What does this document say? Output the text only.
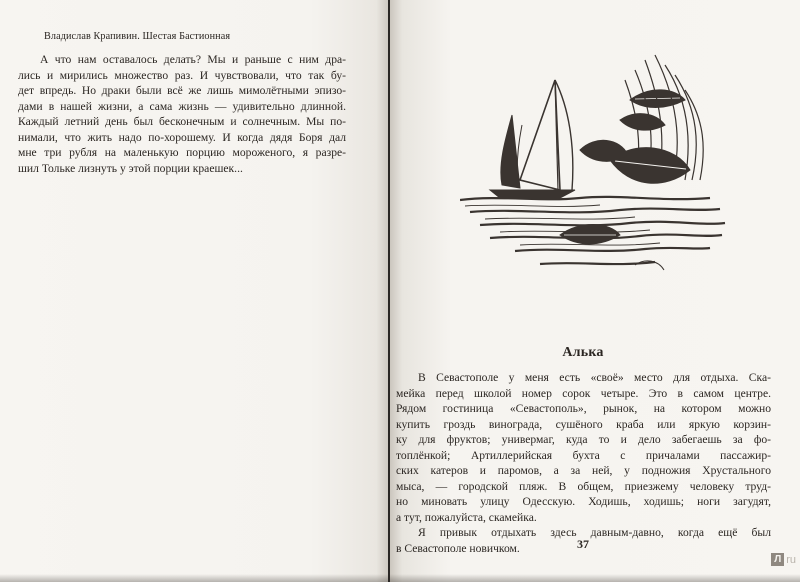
Владислав Крапивин. Шестая Бастионная
А что нам оставалось делать? Мы и раньше с ним дра-
лись и мирились множество раз. И чувствовали, что так бу-
дет впредь. Но драки были всё же лишь мимолётными эпизо-
дами в нашей жизни, а сама жизнь — удивительно длинной.
Каждый летний день был бесконечным и солнечным. Мы по-
нимали, что жить надо по-хорошему. И когда дядя Боря дал
мне три рубля на маленькую порцию мороженого, я разре-
шил Тольке лизнуть у этой порции краешек...
Алька
В Севастополе у меня есть «своё» место для отдыха. Ска-
мейка перед школой номер сорок четыре. Это в самом центре.
Рядом гостиница «Севастополь», рынок, на котором можно
купить гроздь винограда, сушёного краба или яркую корзин-
ку для фруктов; универмаг, куда то и дело забегаешь за фо-
топлёнкой; Артиллерийская бухта с причалами пассажир-
ских катеров и паромов, а за ней, у подножия Хрустального
мыса, — городской пляж. В общем, приезжему человеку труд-
но миновать улицу Одесскую. Ходишь, ходишь; ноги загудят,
а тут, пожалуйста, скамейка.
Я привык отдыхать здесь давным-давно, когда ещё был
в Севастополе новичком.	37
Л ru
